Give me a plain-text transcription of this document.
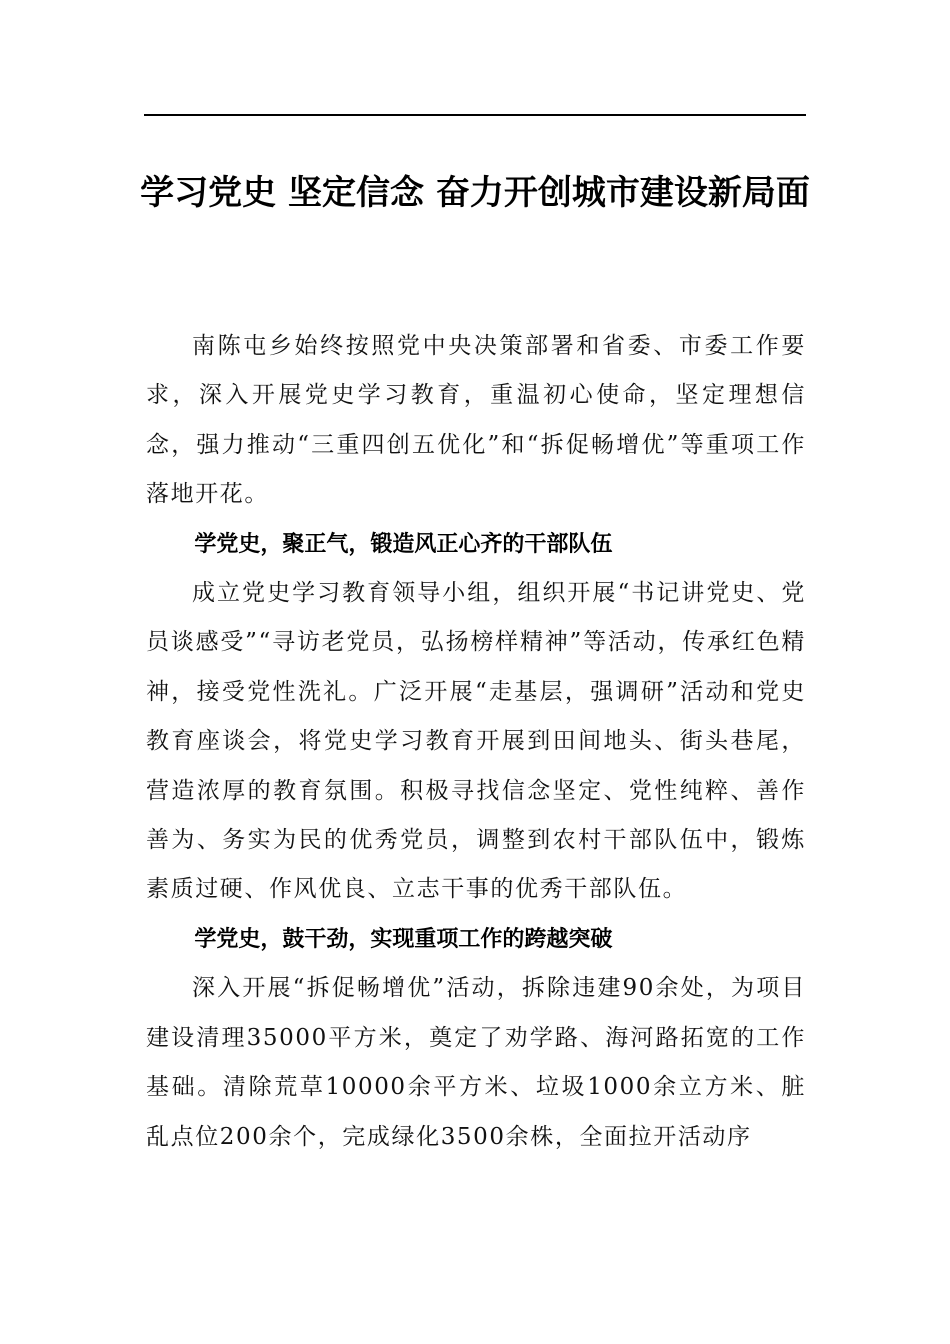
学习党史 坚定信念 奋力开创城市建设新局面

南陈屯乡始终按照党中央决策部署和省委、市委工作要求，深入开展党史学习教育，重温初心使命，坚定理想信念，强力推动“三重四创五优化”和“拆促畅增优”等重项工作落地开花。

学党史，聚正气，锻造风正心齐的干部队伍

成立党史学习教育领导小组，组织开展“书记讲党史、党员谈感受”“寻访老党员，弘扬榜样精神”等活动，传承红色精神，接受党性洗礼。广泛开展“走基层，强调研”活动和党史教育座谈会，将党史学习教育开展到田间地头、街头巷尾，营造浓厚的教育氛围。积极寻找信念坚定、党性纯粹、善作善为、务实为民的优秀党员，调整到农村干部队伍中，锻炼素质过硬、作风优良、立志干事的优秀干部队伍。

学党史，鼓干劲，实现重项工作的跨越突破

深入开展“拆促畅增优”活动，拆除违建90余处，为项目建设清理35000平方米，奠定了劝学路、海河路拓宽的工作基础。清除荒草10000余平方米、垃圾1000余立方米、脏乱点位200余个，完成绿化3500余株，全面拉开活动序
